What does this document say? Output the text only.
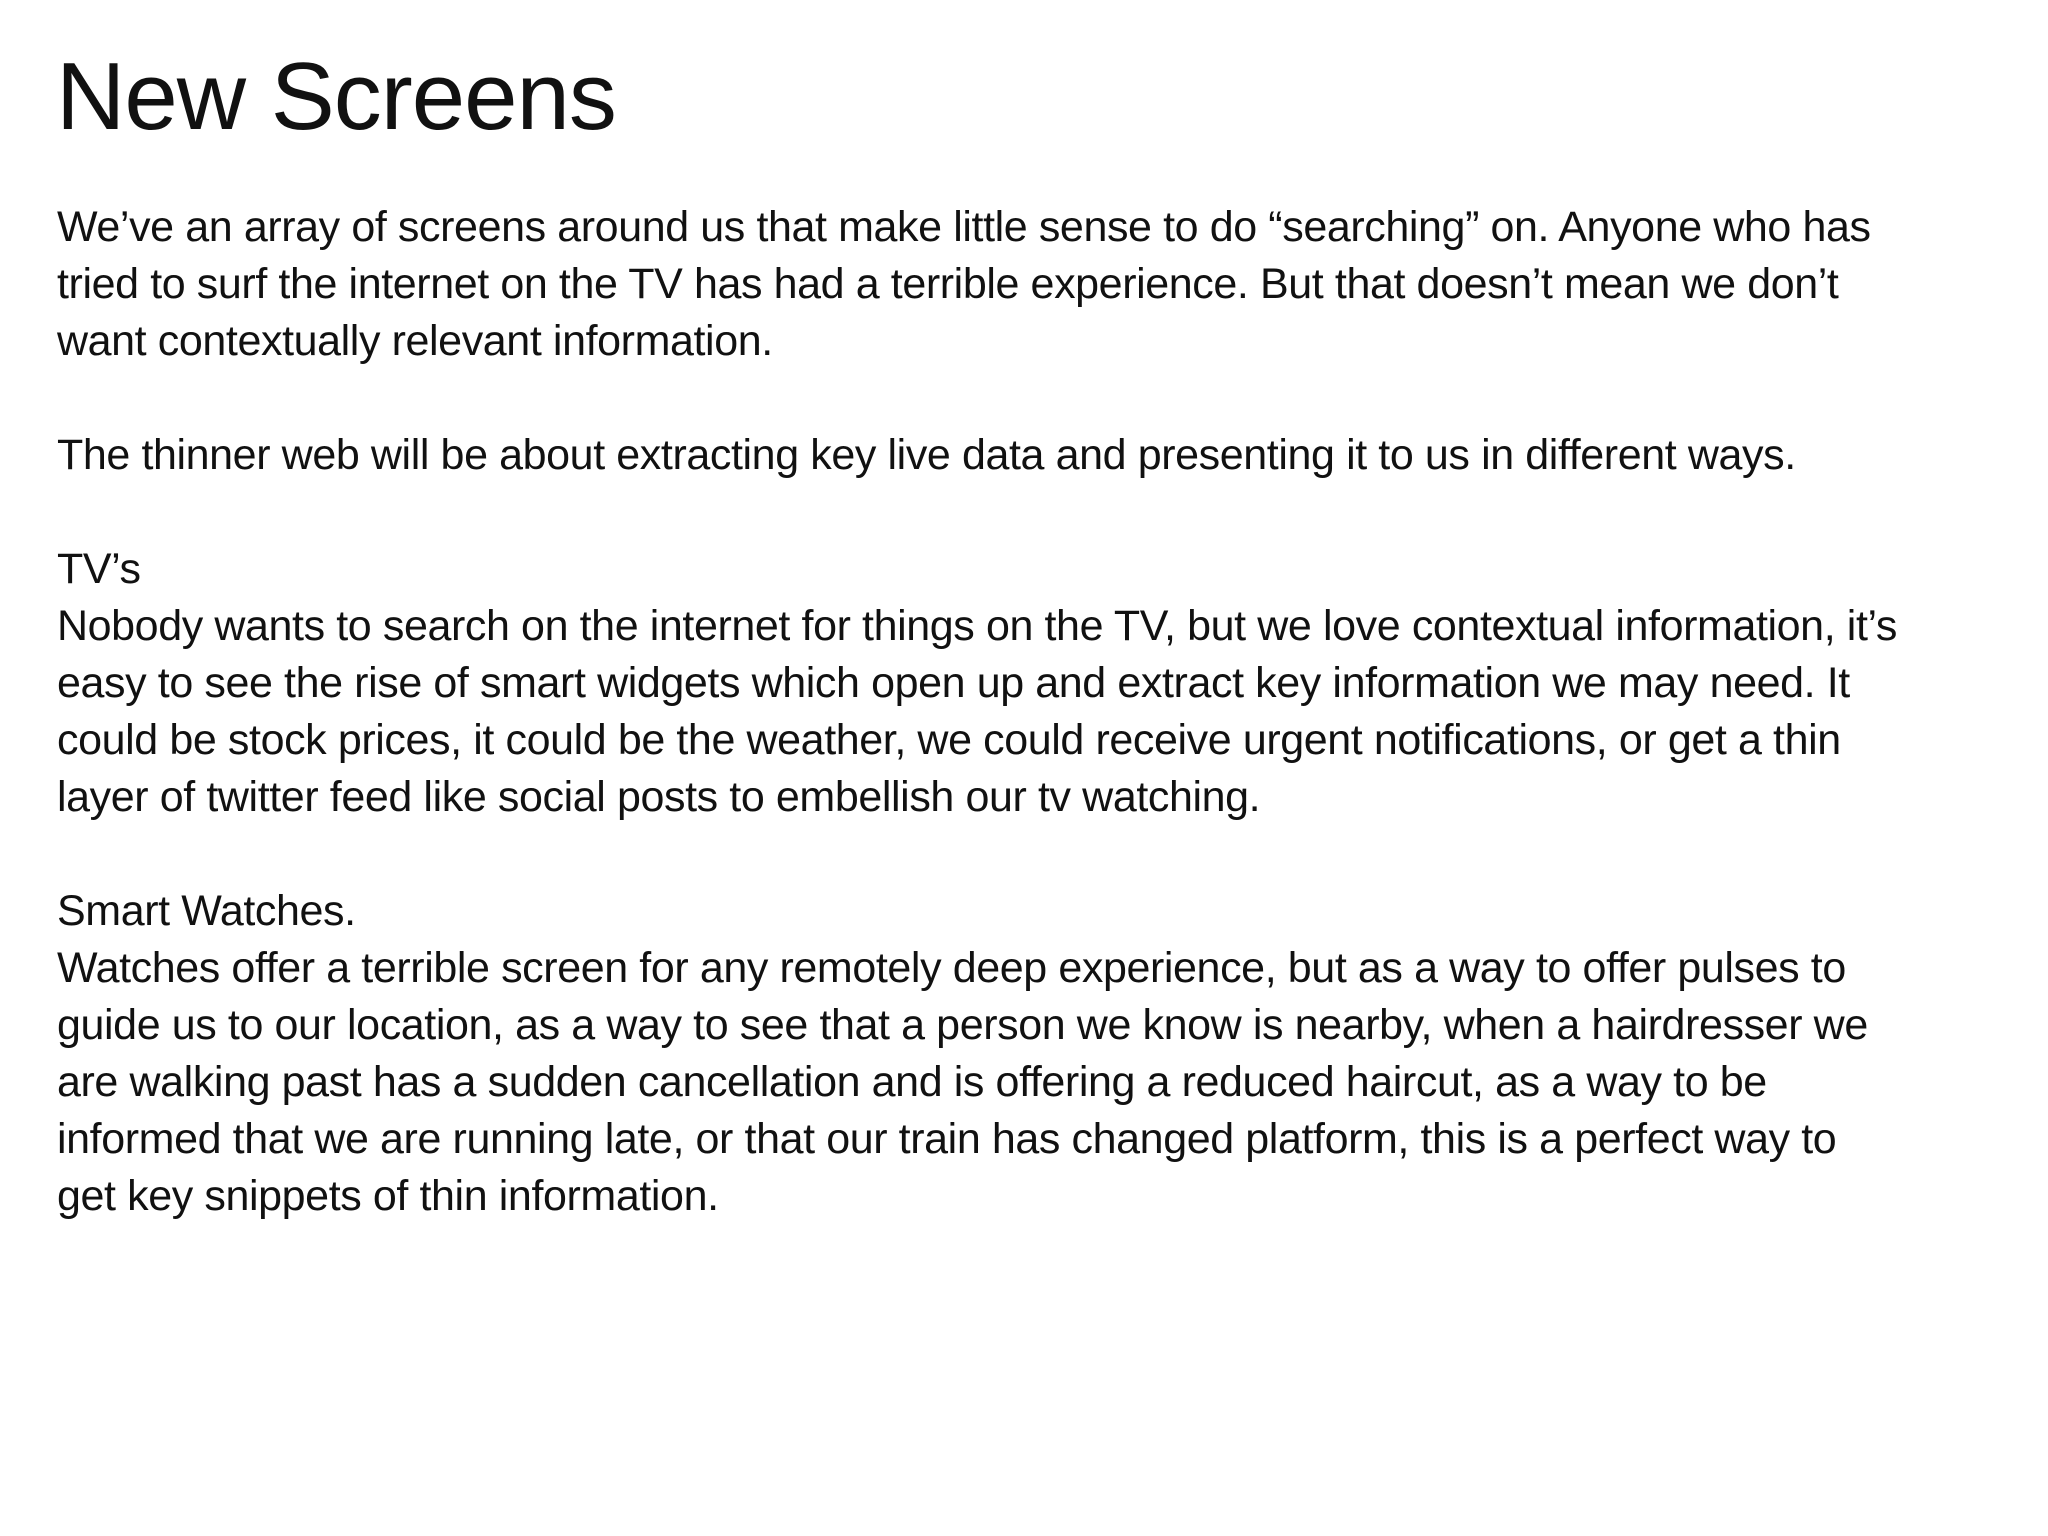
New Screens
We’ve an array of screens around us that make little sense to do “searching” on. Anyone who has
tried to surf the internet on the TV has had a terrible experience. But that doesn’t mean we don’t
want contextually relevant information.
The thinner web will be about extracting key live data and presenting it to us in different ways.
TV’s
Nobody wants to search on the internet for things on the TV, but we love contextual information, it’s
easy to see the rise of smart widgets which open up and extract key information we may need. It
could be stock prices, it could be the weather, we could receive urgent notifications, or get a thin
layer of twitter feed like social posts to embellish our tv watching.
Smart Watches.
Watches offer a terrible screen for any remotely deep experience, but as a way to offer pulses to
guide us to our location, as a way to see that a person we know is nearby, when a hairdresser we
are walking past has a sudden cancellation and is offering a reduced haircut, as a way to be
informed that we are running late, or that our train has changed platform, this is a perfect way to
get key snippets of thin information.
